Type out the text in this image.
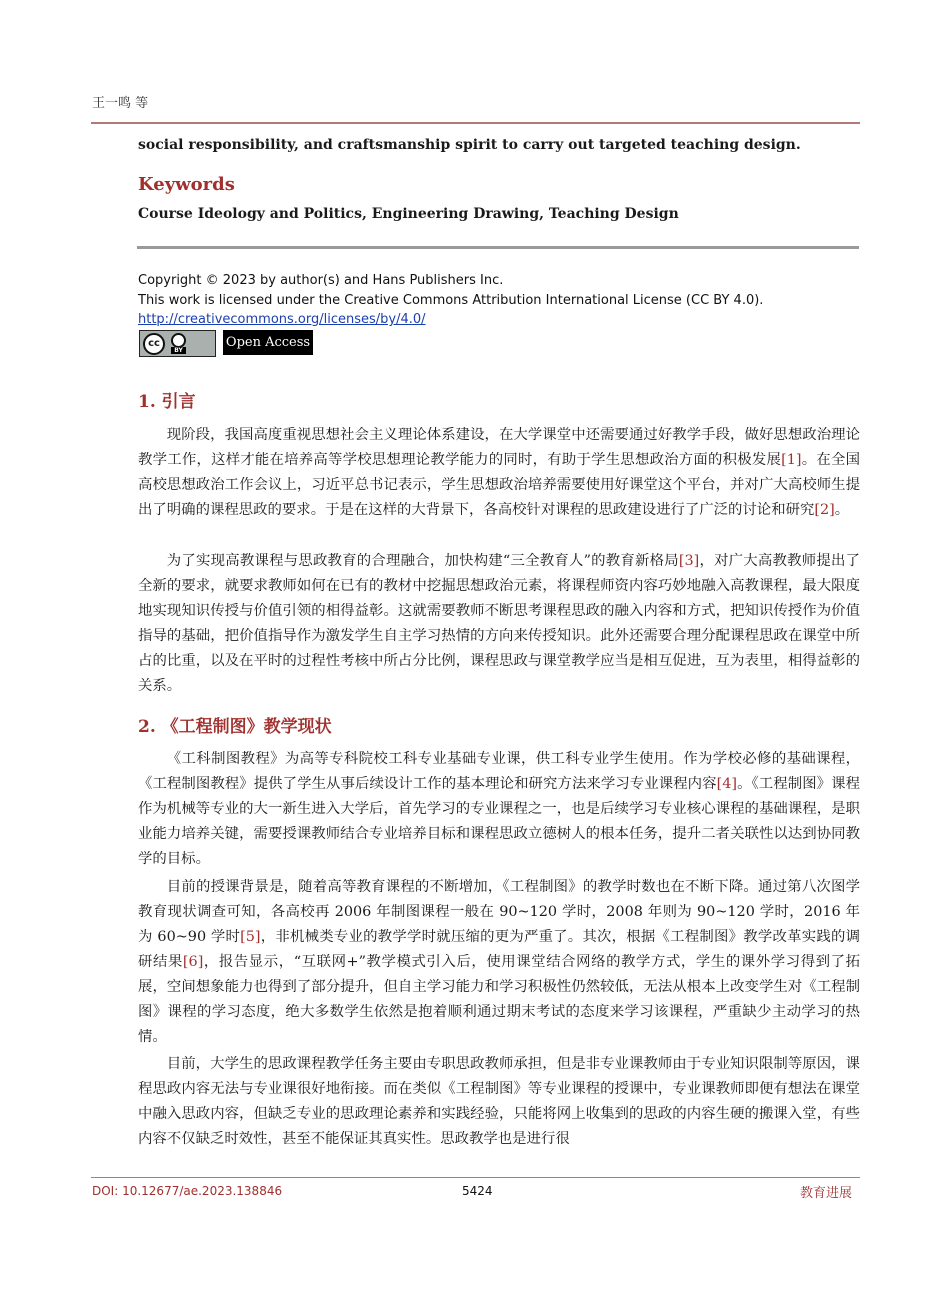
王一鸣 等
social responsibility, and craftsmanship spirit to carry out targeted teaching design.
Keywords
Course Ideology and Politics, Engineering Drawing, Teaching Design
Copyright © 2023 by author(s) and Hans Publishers Inc.
This work is licensed under the Creative Commons Attribution International License (CC BY 4.0).
http://creativecommons.org/licenses/by/4.0/
cc
BY
Open Access
1. 引言

现阶段，我国高度重视思想社会主义理论体系建设，在大学课堂中还需要通过好教学手段，做好思想政治理论教学工作，这样才能在培养高等学校思想理论教学能力的同时，有助于学生思想政治方面的积极发展[1]。在全国高校思想政治工作会议上，习近平总书记表示，学生思想政治培养需要使用好课堂这个平台，并对广大高校师生提出了明确的课程思政的要求。于是在这样的大背景下，各高校针对课程的思政建设进行了广泛的讨论和研究[2]。

为了实现高教课程与思政教育的合理融合，加快构建“三全教育人”的教育新格局[3]，对广大高教教师提出了全新的要求，就要求教师如何在已有的教材中挖掘思想政治元素，将课程师资内容巧妙地融入高教课程，最大限度地实现知识传授与价值引领的相得益彰。这就需要教师不断思考课程思政的融入内容和方式，把知识传授作为价值指导的基础，把价值指导作为激发学生自主学习热情的方向来传授知识。此外还需要合理分配课程思政在课堂中所占的比重，以及在平时的过程性考核中所占分比例，课程思政与课堂教学应当是相互促进，互为表里，相得益彰的关系。

2. 《工程制图》教学现状

《工科制图教程》为高等专科院校工科专业基础专业课，供工科专业学生使用。作为学校必修的基础课程，《工程制图教程》提供了学生从事后续设计工作的基本理论和研究方法来学习专业课程内容[4]。《工程制图》课程作为机械等专业的大一新生进入大学后，首先学习的专业课程之一，也是后续学习专业核心课程的基础课程，是职业能力培养关键，需要授课教师结合专业培养目标和课程思政立德树人的根本任务，提升二者关联性以达到协同教学的目标。

目前的授课背景是，随着高等教育课程的不断增加，《工程制图》的教学时数也在不断下降。通过第八次图学教育现状调查可知，各高校再 2006 年制图课程一般在 90~120 学时，2008 年则为 90~120 学时，2016 年为 60~90 学时[5]，非机械类专业的教学学时就压缩的更为严重了。其次，根据《工程制图》教学改革实践的调研结果[6]，报告显示，“互联网+”教学模式引入后，使用课堂结合网络的教学方式，学生的课外学习得到了拓展，空间想象能力也得到了部分提升，但自主学习能力和学习积极性仍然较低，无法从根本上改变学生对《工程制图》课程的学习态度，绝大多数学生依然是抱着顺利通过期末考试的态度来学习该课程，严重缺少主动学习的热情。

目前，大学生的思政课程教学任务主要由专职思政教师承担，但是非专业课教师由于专业知识限制等原因，课程思政内容无法与专业课很好地衔接。而在类似《工程制图》等专业课程的授课中，专业课教师即便有想法在课堂中融入思政内容，但缺乏专业的思政理论素养和实践经验，只能将网上收集到的思政的内容生硬的搬课入堂，有些内容不仅缺乏时效性，甚至不能保证其真实性。思政教学也是进行很

DOI: 10.12677/ae.2023.138846	5424	教育进展
